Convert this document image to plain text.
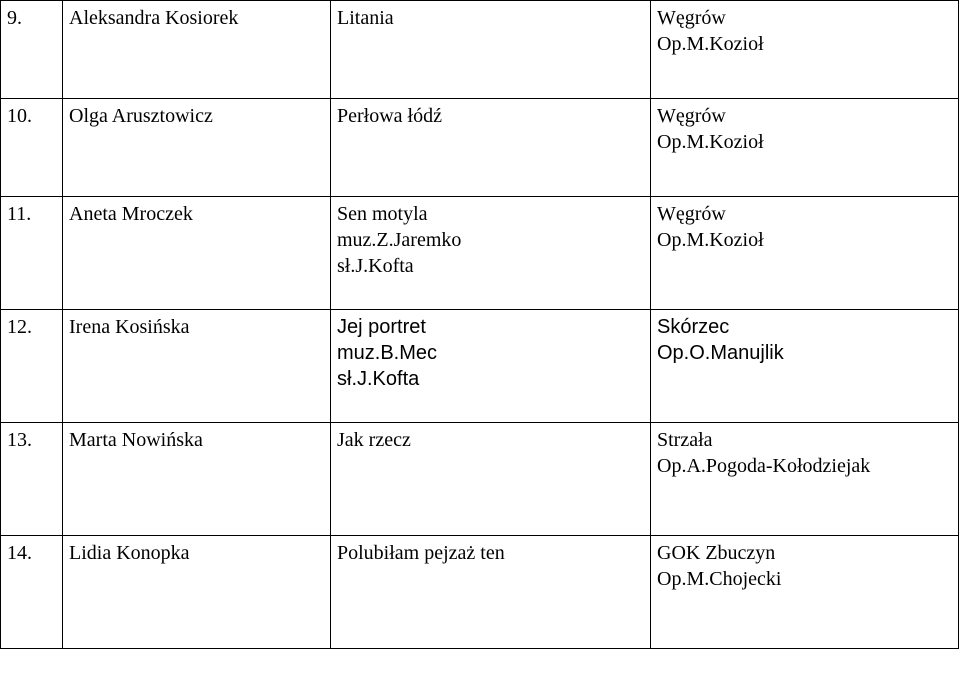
9.	Aleksandra Kosiorek	Litania	Węgrów
Op.M.Kozioł

10.	Olga Arusztowicz	Perłowa łódź	Węgrów
Op.M.Kozioł

11.	Aneta Mroczek	Sen motyla
muz.Z.Jaremko
sł.J.Kofta	Węgrów
Op.M.Kozioł

12.	Irena Kosińska	Jej portret
muz.B.Mec
sł.J.Kofta	Skórzec
Op.O.Manujlik

13.	Marta Nowińska	Jak rzecz	Strzała
Op.A.Pogoda-Kołodziejak

14.	Lidia Konopka	Polubiłam pejzaż ten	GOK Zbuczyn
Op.M.Chojecki
